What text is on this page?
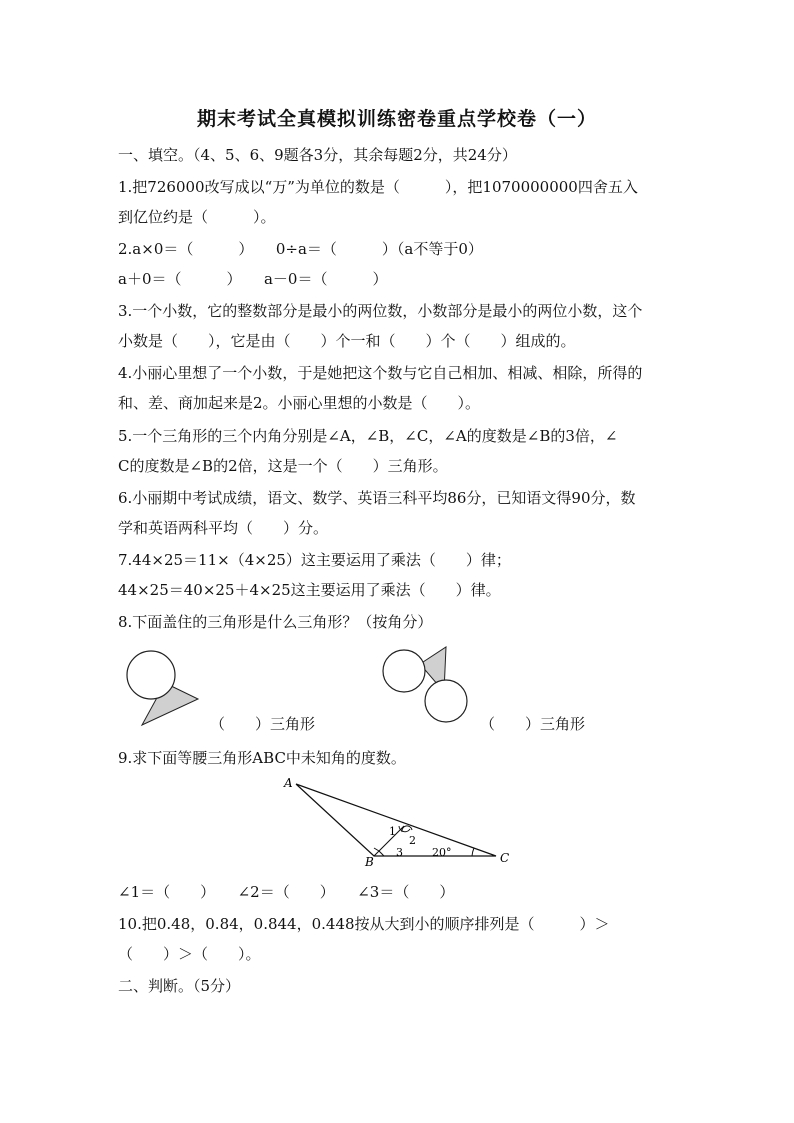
期末考试全真模拟训练密卷重点学校卷（一）
一、填空。（4、5、6、9题各3分，其余每题2分，共24分）
1.把726000改写成以“万”为单位的数是（　　　），把1070000000四舍五入
到亿位约是（　　　）。
2.a×0＝（　　　）　　0÷a＝（　　　）（a不等于0）
a＋0＝（　　　）　　a－0＝（　　　）
3.一个小数，它的整数部分是最小的两位数，小数部分是最小的两位小数，这个
小数是（　　），它是由（　　）个一和（　　）个（　　）组成的。
4.小丽心里想了一个小数，于是她把这个数与它自己相加、相减、相除，所得的
和、差、商加起来是2。小丽心里想的小数是（　　）。
5.一个三角形的三个内角分别是∠A，∠B，∠C，∠A的度数是∠B的3倍，∠
C的度数是∠B的2倍，这是一个（　　）三角形。
6.小丽期中考试成绩，语文、数学、英语三科平均86分，已知语文得90分，数
学和英语两科平均（　　）分。
7.44×25＝11×（4×25）这主要运用了乘法（　　）律；
44×25＝40×25＋4×25这主要运用了乘法（　　）律。
8.下面盖住的三角形是什么三角形？（按角分）
（　　）三角形	（　　）三角形
9.求下面等腰三角形ABC中未知角的度数。
A
B	C
1
2
3	20°
∠1＝（　　）　　∠2＝（　　）　　∠3＝（　　）
10.把0.48，0.84，0.844，0.448按从大到小的顺序排列是（　　　）＞
（　　）＞（　　）。
二、判断。（5分）
